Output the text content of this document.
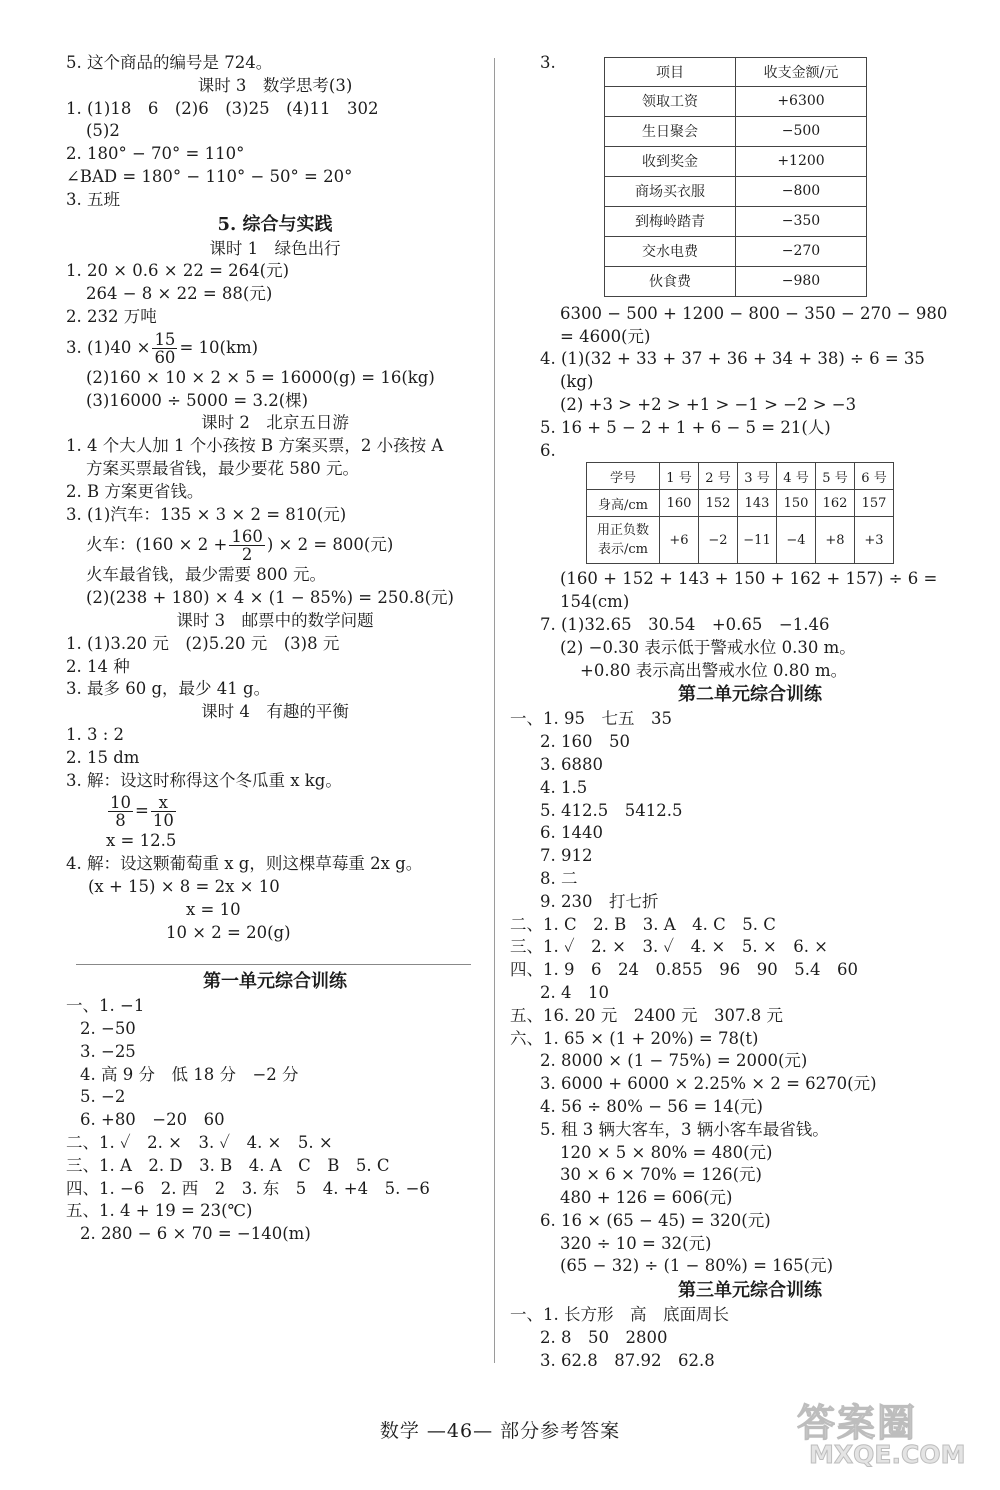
5. 这个商品的编号是 724。
课时 3　数学思考(3)
1. (1)18　6　(2)6　(3)25　(4)11　302
(5)2
2. 180° − 70° = 110°
∠BAD = 180° − 110° − 50° = 20°
3. 五班
5. 综合与实践
课时 1　绿色出行
1. 20 × 0.6 × 22 = 264(元)
264 − 8 × 22 = 88(元)
2. 232 万吨
3. $(1)40 \times \frac{15}{60} = 10(km)$
(2)160 × 10 × 2 × 5 = 16000(g) = 16(kg)
(3)16000 ÷ 5000 = 3.2(棵)
课时 2　北京五日游
1. 4 个大人加 1 个小孩按 B 方案买票，2 小孩按 A
方案买票最省钱，最少要花 580 元。
2. B 方案更省钱。
3. (1)汽车：135 × 3 × 2 = 810(元)
火车：($160 \times 2 + \frac{160}{2}$ ) × 2 = 800(元)
火车最省钱，最少需要 800 元。
(2)(238 + 180) × 4 × (1 − 85%) = 250.8(元)
课时 3　邮票中的数学问题
1. (1)3.20 元　(2)5.20 元　(3)8 元
2. 14 种
3. 最多 60 g，最少 41 g。
课时 4　有趣的平衡
1. 3 : 2
2. 15 dm
3. 解：设这时称得这个冬瓜重 x kg。
$\frac{10}{8} = \frac{x}{10}$
x = 12.5
4. 解：设这颗葡萄重 x g，则这棵草莓重 2x g。
(x + 15) × 8 = 2x × 10
x = 10
10 × 2 = 20(g)
第一单元综合训练
一、1. −1
2. −50
3. −25
4. 高 9 分　低 18 分　−2 分
5. −2
6. +80　−20　60
二、1. ✓　2. ×　3. ✓　4. ×　5. ×
三、1. A　2. D　3. B　4. A　C　B　5. C
四、1. −6　2. 西　2　3. 东　5　4. +4　5. −6
五、1. 4 + 19 = 23(℃)
2. 280 − 6 × 70 = −140(m)
3.
项目	收支金额/元
领取工资	+6300
生日聚会	−500
收到奖金	+1200
商场买衣服	−800
到梅岭踏青	−350
交水电费	−270
伙食费	−980
6300 − 500 + 1200 − 800 − 350 − 270 − 980
= 4600(元)
4. (1)(32 + 33 + 37 + 36 + 34 + 38) ÷ 6 = 35
(kg)
(2) +3 > +2 > +1 > −1 > −2 > −3
5. 16 + 5 − 2 + 1 + 6 − 5 = 21(人)
6.
学号	1 号	2 号	3 号	4 号	5 号	6 号
身高/cm	160	152	143	150	162	157
用正负数
表示/cm	+6	−2	−11	−4	+8	+3
(160 + 152 + 143 + 150 + 162 + 157) ÷ 6 =
154(cm)
7. (1)32.65　30.54　+0.65　−1.46
(2) −0.30 表示低于警戒水位 0.30 m。
+0.80 表示高出警戒水位 0.80 m。
第二单元综合训练
一、1. 95　七五　35
2. 160　50
3. 6880
4. 1.5
5. 412.5　5412.5
6. 1440
7. 912
8. 二
9. 230　打七折
二、1. C　2. B　3. A　4. C　5. C
三、1. ✓　2. ×　3. ✓　4. ×　5. ×　6. ×
四、1. 9　6　24　0.855　96　90　5.4　60
2. 4　10
五、16. 20 元　2400 元　307.8 元
六、1. 65 × (1 + 20%) = 78(t)
2. 8000 × (1 − 75%) = 2000(元)
3. 6000 + 6000 × 2.25% × 2 = 6270(元)
4. 56 ÷ 80% − 56 = 14(元)
5. 租 3 辆大客车，3 辆小客车最省钱。
120 × 5 × 80% = 480(元)
30 × 6 × 70% = 126(元)
480 + 126 = 606(元)
6. 16 × (65 − 45) = 320(元)
320 ÷ 10 = 32(元)
(65 − 32) ÷ (1 − 80%) = 165(元)
第三单元综合训练
一、1. 长方形　高　底面周长
2. 8　50　2800
3. 62.8　87.92　62.8
数学 —46— 部分参考答案	答案圈
MXQE.COM
